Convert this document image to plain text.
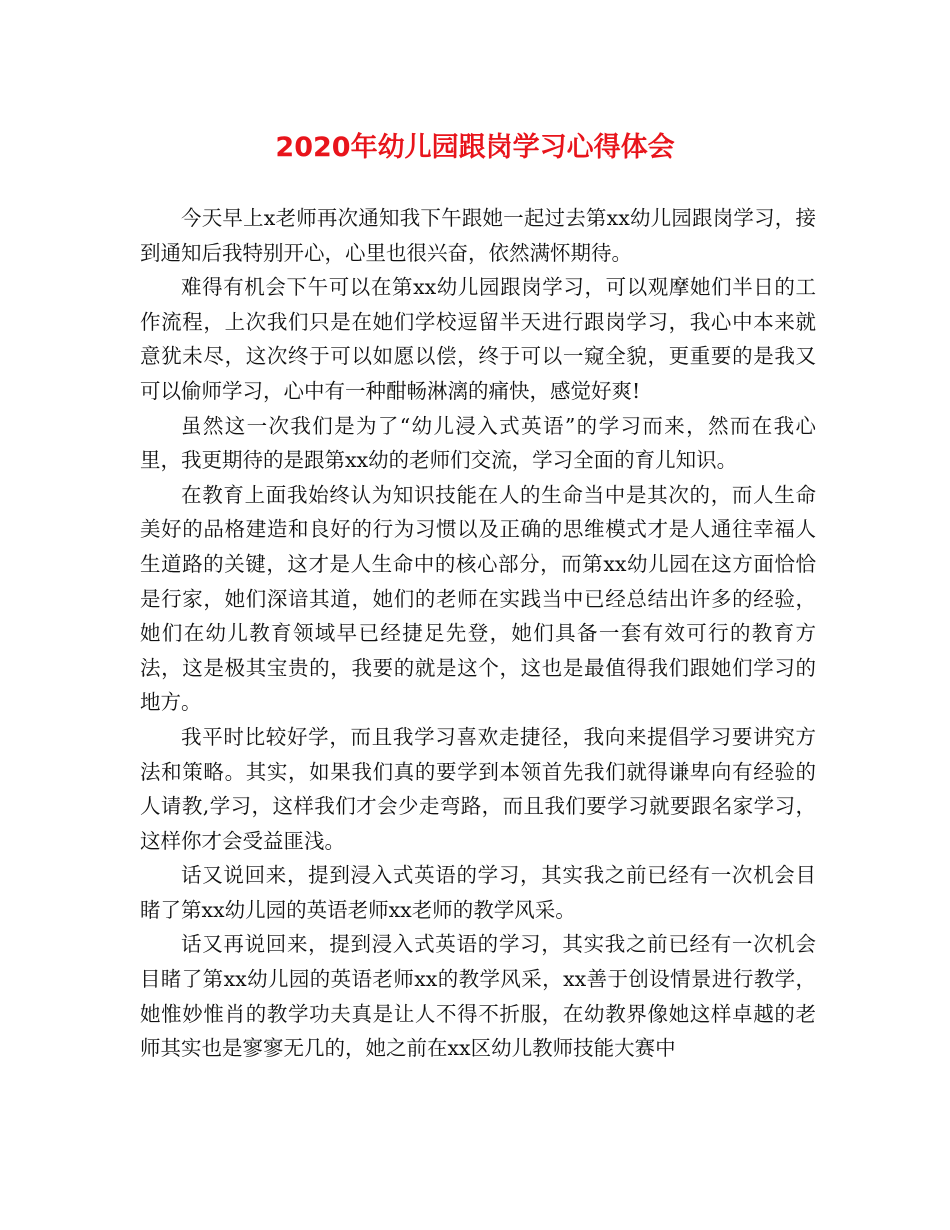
2020年幼儿园跟岗学习心得体会

今天早上x老师再次通知我下午跟她一起过去第xx幼儿园跟岗学习，接到通知后我特别开心，心里也很兴奋，依然满怀期待。

难得有机会下午可以在第xx幼儿园跟岗学习，可以观摩她们半日的工作流程，上次我们只是在她们学校逗留半天进行跟岗学习，我心中本来就意犹未尽，这次终于可以如愿以偿，终于可以一窥全貌，更重要的是我又可以偷师学习，心中有一种酣畅淋漓的痛快，感觉好爽!

虽然这一次我们是为了“幼儿浸入式英语”的学习而来，然而在我心里，我更期待的是跟第xx幼的老师们交流，学习全面的育儿知识。

在教育上面我始终认为知识技能在人的生命当中是其次的，而人生命美好的品格建造和良好的行为习惯以及正确的思维模式才是人通往幸福人生道路的关键，这才是人生命中的核心部分，而第xx幼儿园在这方面恰恰是行家，她们深谙其道，她们的老师在实践当中已经总结出许多的经验，她们在幼儿教育领域早已经捷足先登，她们具备一套有效可行的教育方法，这是极其宝贵的，我要的就是这个，这也是最值得我们跟她们学习的地方。

我平时比较好学，而且我学习喜欢走捷径，我向来提倡学习要讲究方法和策略。其实，如果我们真的要学到本领首先我们就得谦卑向有经验的人请教,学习，这样我们才会少走弯路，而且我们要学习就要跟名家学习，这样你才会受益匪浅。

话又说回来，提到浸入式英语的学习，其实我之前已经有一次机会目睹了第xx幼儿园的英语老师xx老师的教学风采。

话又再说回来，提到浸入式英语的学习，其实我之前已经有一次机会目睹了第xx幼儿园的英语老师xx的教学风采，xx善于创设情景进行教学，她惟妙惟肖的教学功夫真是让人不得不折服，在幼教界像她这样卓越的老师其实也是寥寥无几的，她之前在xx区幼儿教师技能大赛中
